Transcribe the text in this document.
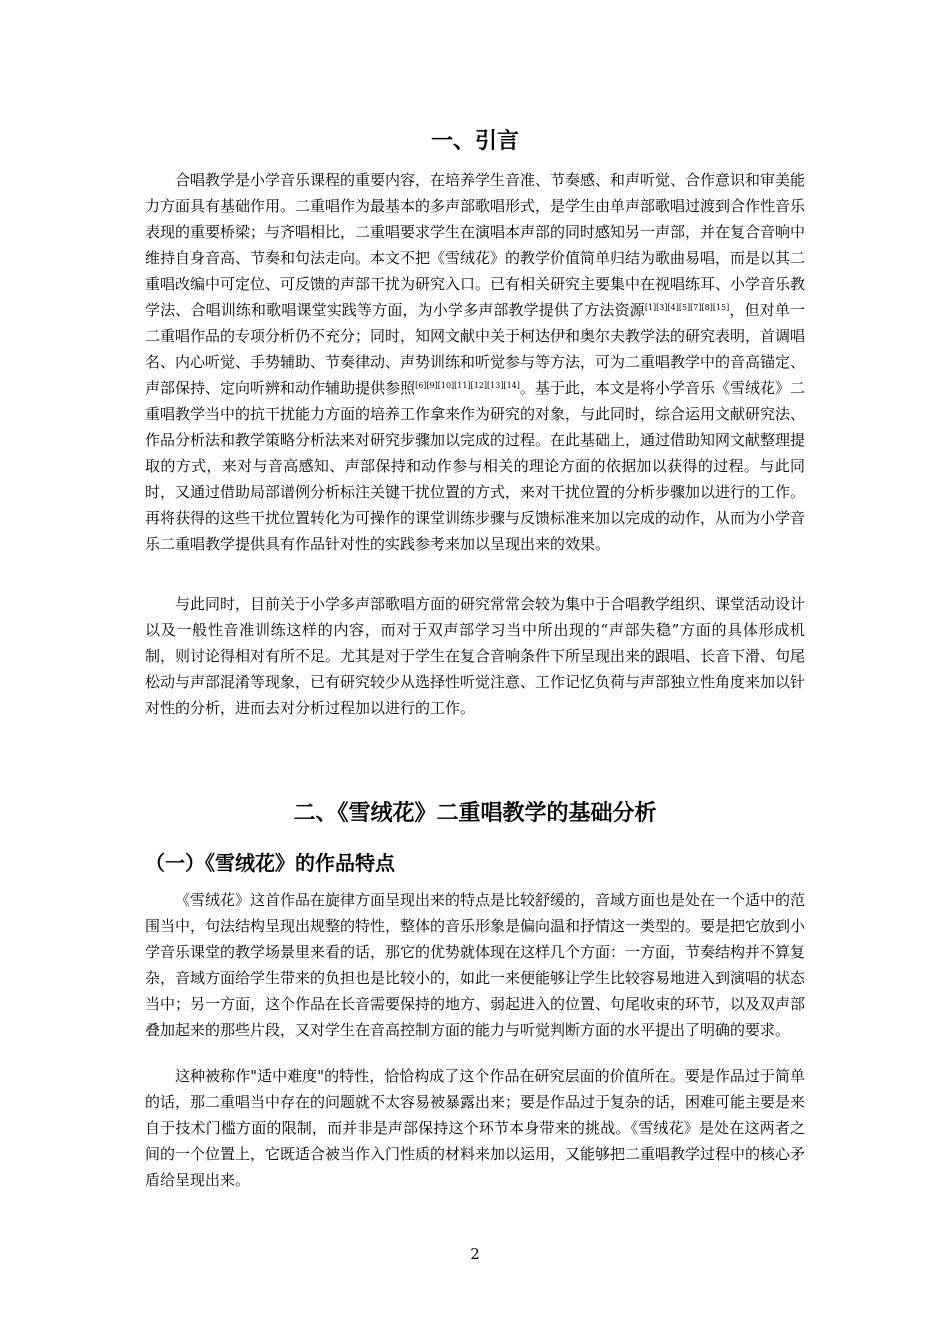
一、引言

合唱教学是小学音乐课程的重要内容，在培养学生音准、节奏感、和声听觉、合作意识和审美能力方面具有基础作用。二重唱作为最基本的多声部歌唱形式，是学生由单声部歌唱过渡到合作性音乐表现的重要桥梁；与齐唱相比，二重唱要求学生在演唱本声部的同时感知另一声部，并在复合音响中维持自身音高、节奏和句法走向。本文不把《雪绒花》的教学价值简单归结为歌曲易唱，而是以其二重唱改编中可定位、可反馈的声部干扰为研究入口。已有相关研究主要集中在视唱练耳、小学音乐教学法、合唱训练和歌唱课堂实践等方面，为小学多声部教学提供了方法资源[1][3][4][5][7][8][15]，但对单一二重唱作品的专项分析仍不充分；同时，知网文献中关于柯达伊和奥尔夫教学法的研究表明，首调唱名、内心听觉、手势辅助、节奏律动、声势训练和听觉参与等方法，可为二重唱教学中的音高锚定、声部保持、定向听辨和动作辅助提供参照[6][9][10][11][12][13][14]。基于此，本文是将小学音乐《雪绒花》二重唱教学当中的抗干扰能力方面的培养工作拿来作为研究的对象，与此同时，综合运用文献研究法、作品分析法和教学策略分析法来对研究步骤加以完成的过程。在此基础上，通过借助知网文献整理提取的方式，来对与音高感知、声部保持和动作参与相关的理论方面的依据加以获得的过程。与此同时，又通过借助局部谱例分析标注关键干扰位置的方式，来对干扰位置的分析步骤加以进行的工作。再将获得的这些干扰位置转化为可操作的课堂训练步骤与反馈标准来加以完成的动作，从而为小学音乐二重唱教学提供具有作品针对性的实践参考来加以呈现出来的效果。

与此同时，目前关于小学多声部歌唱方面的研究常常会较为集中于合唱教学组织、课堂活动设计以及一般性音准训练这样的内容，而对于双声部学习当中所出现的“声部失稳”方面的具体形成机制，则讨论得相对有所不足。尤其是对于学生在复合音响条件下所呈现出来的跟唱、长音下滑、句尾松动与声部混淆等现象，已有研究较少从选择性听觉注意、工作记忆负荷与声部独立性角度来加以针对性的分析，进而去对分析过程加以进行的工作。

二、《雪绒花》二重唱教学的基础分析
（一）《雪绒花》的作品特点

《雪绒花》这首作品在旋律方面呈现出来的特点是比较舒缓的，音域方面也是处在一个适中的范围当中，句法结构呈现出规整的特性，整体的音乐形象是偏向温和抒情这一类型的。要是把它放到小学音乐课堂的教学场景里来看的话，那它的优势就体现在这样几个方面：一方面，节奏结构并不算复杂，音域方面给学生带来的负担也是比较小的，如此一来便能够让学生比较容易地进入到演唱的状态当中；另一方面，这个作品在长音需要保持的地方、弱起进入的位置、句尾收束的环节，以及双声部叠加起来的那些片段，又对学生在音高控制方面的能力与听觉判断方面的水平提出了明确的要求。

这种被称作"适中难度"的特性，恰恰构成了这个作品在研究层面的价值所在。要是作品过于简单的话，那二重唱当中存在的问题就不太容易被暴露出来；要是作品过于复杂的话，困难可能主要是来自于技术门槛方面的限制，而并非是声部保持这个环节本身带来的挑战。《雪绒花》是处在这两者之间的一个位置上，它既适合被当作入门性质的材料来加以运用，又能够把二重唱教学过程中的核心矛盾给呈现出来。

2
